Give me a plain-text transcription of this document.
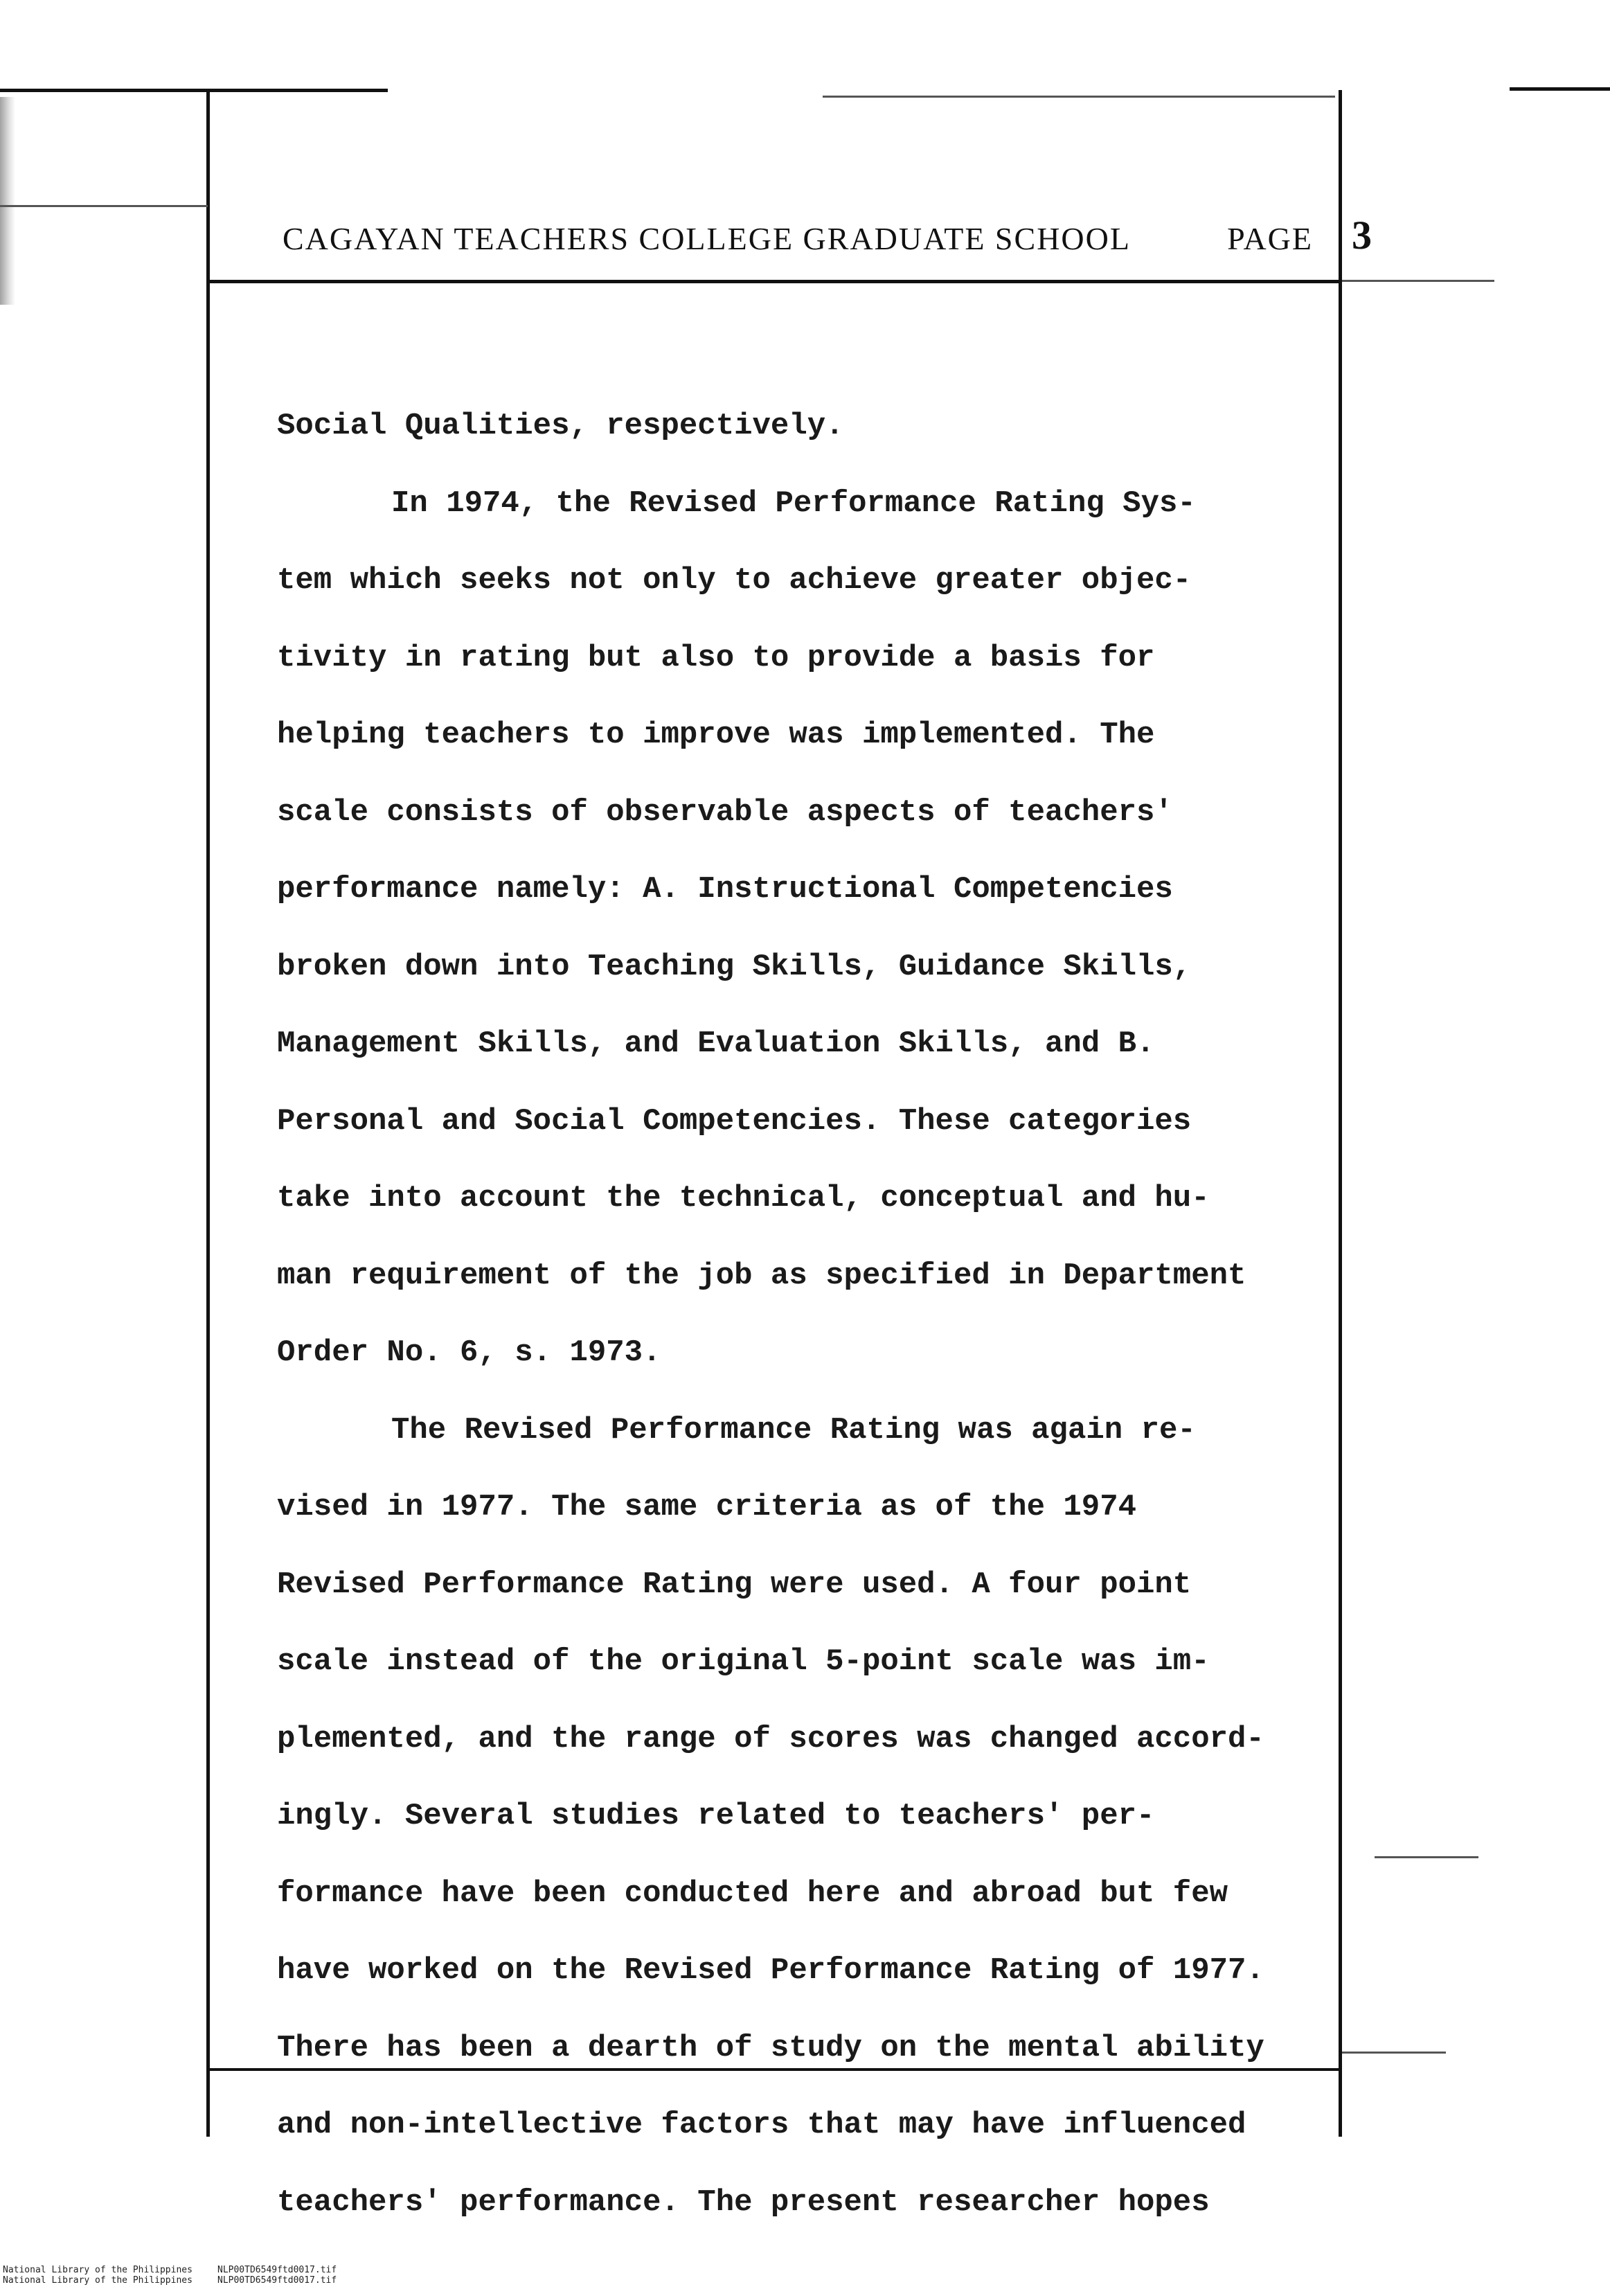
CAGAYAN TEACHERS COLLEGE GRADUATE SCHOOL	PAGE 3
Social Qualities, respectively.
In 1974, the Revised Performance Rating Sys-
tem which seeks not only to achieve greater objec-
tivity in rating but also to provide a basis for
helping teachers to improve was implemented. The
scale consists of observable aspects of teachers'
performance namely: A. Instructional Competencies
broken down into Teaching Skills, Guidance Skills,
Management Skills, and Evaluation Skills, and B.
Personal and Social Competencies. These categories
take into account the technical, conceptual and hu-
man requirement of the job as specified in Department
Order No. 6, s. 1973.
The Revised Performance Rating was again re-
vised in 1977. The same criteria as of the 1974
Revised Performance Rating were used. A four point
scale instead of the original 5-point scale was im-
plemented, and the range of scores was changed accord-
ingly. Several studies related to teachers' per-
formance have been conducted here and abroad but few
have worked on the Revised Performance Rating of 1977.
There has been a dearth of study on the mental ability
and non-intellective factors that may have influenced
teachers' performance. The present researcher hopes
National Library of the Philippines	NLP00TD6549ftd0017.tif
National Library of the Philippines	NLP00TD6549ftd0017.tif
